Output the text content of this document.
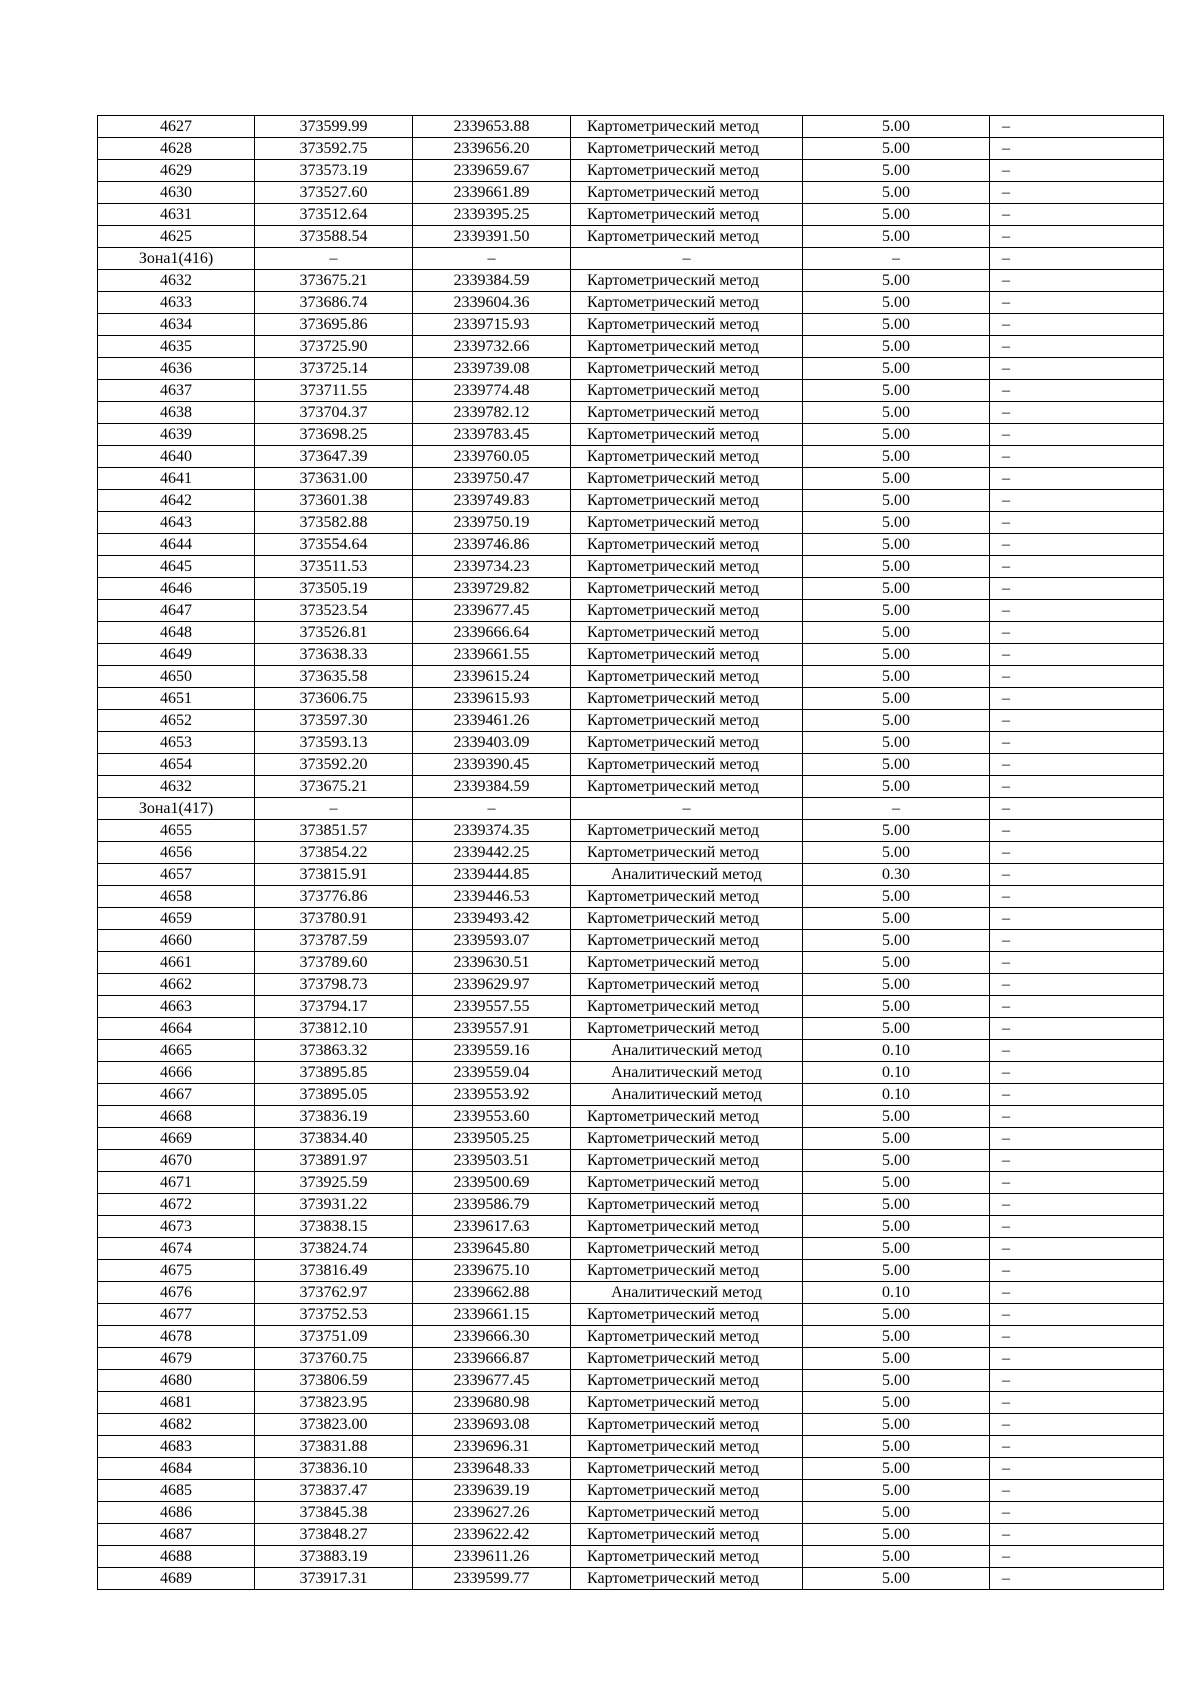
4627	373599.99	2339653.88	Картометрический метод	5.00	–
4628	373592.75	2339656.20	Картометрический метод	5.00	–
4629	373573.19	2339659.67	Картометрический метод	5.00	–
4630	373527.60	2339661.89	Картометрический метод	5.00	–
4631	373512.64	2339395.25	Картометрический метод	5.00	–
4625	373588.54	2339391.50	Картометрический метод	5.00	–
Зона1(416)	–	–	–	–	–
4632	373675.21	2339384.59	Картометрический метод	5.00	–
4633	373686.74	2339604.36	Картометрический метод	5.00	–
4634	373695.86	2339715.93	Картометрический метод	5.00	–
4635	373725.90	2339732.66	Картометрический метод	5.00	–
4636	373725.14	2339739.08	Картометрический метод	5.00	–
4637	373711.55	2339774.48	Картометрический метод	5.00	–
4638	373704.37	2339782.12	Картометрический метод	5.00	–
4639	373698.25	2339783.45	Картометрический метод	5.00	–
4640	373647.39	2339760.05	Картометрический метод	5.00	–
4641	373631.00	2339750.47	Картометрический метод	5.00	–
4642	373601.38	2339749.83	Картометрический метод	5.00	–
4643	373582.88	2339750.19	Картометрический метод	5.00	–
4644	373554.64	2339746.86	Картометрический метод	5.00	–
4645	373511.53	2339734.23	Картометрический метод	5.00	–
4646	373505.19	2339729.82	Картометрический метод	5.00	–
4647	373523.54	2339677.45	Картометрический метод	5.00	–
4648	373526.81	2339666.64	Картометрический метод	5.00	–
4649	373638.33	2339661.55	Картометрический метод	5.00	–
4650	373635.58	2339615.24	Картометрический метод	5.00	–
4651	373606.75	2339615.93	Картометрический метод	5.00	–
4652	373597.30	2339461.26	Картометрический метод	5.00	–
4653	373593.13	2339403.09	Картометрический метод	5.00	–
4654	373592.20	2339390.45	Картометрический метод	5.00	–
4632	373675.21	2339384.59	Картометрический метод	5.00	–
Зона1(417)	–	–	–	–	–
4655	373851.57	2339374.35	Картометрический метод	5.00	–
4656	373854.22	2339442.25	Картометрический метод	5.00	–
4657	373815.91	2339444.85	Аналитический метод	0.30	–
4658	373776.86	2339446.53	Картометрический метод	5.00	–
4659	373780.91	2339493.42	Картометрический метод	5.00	–
4660	373787.59	2339593.07	Картометрический метод	5.00	–
4661	373789.60	2339630.51	Картометрический метод	5.00	–
4662	373798.73	2339629.97	Картометрический метод	5.00	–
4663	373794.17	2339557.55	Картометрический метод	5.00	–
4664	373812.10	2339557.91	Картометрический метод	5.00	–
4665	373863.32	2339559.16	Аналитический метод	0.10	–
4666	373895.85	2339559.04	Аналитический метод	0.10	–
4667	373895.05	2339553.92	Аналитический метод	0.10	–
4668	373836.19	2339553.60	Картометрический метод	5.00	–
4669	373834.40	2339505.25	Картометрический метод	5.00	–
4670	373891.97	2339503.51	Картометрический метод	5.00	–
4671	373925.59	2339500.69	Картометрический метод	5.00	–
4672	373931.22	2339586.79	Картометрический метод	5.00	–
4673	373838.15	2339617.63	Картометрический метод	5.00	–
4674	373824.74	2339645.80	Картометрический метод	5.00	–
4675	373816.49	2339675.10	Картометрический метод	5.00	–
4676	373762.97	2339662.88	Аналитический метод	0.10	–
4677	373752.53	2339661.15	Картометрический метод	5.00	–
4678	373751.09	2339666.30	Картометрический метод	5.00	–
4679	373760.75	2339666.87	Картометрический метод	5.00	–
4680	373806.59	2339677.45	Картометрический метод	5.00	–
4681	373823.95	2339680.98	Картометрический метод	5.00	–
4682	373823.00	2339693.08	Картометрический метод	5.00	–
4683	373831.88	2339696.31	Картометрический метод	5.00	–
4684	373836.10	2339648.33	Картометрический метод	5.00	–
4685	373837.47	2339639.19	Картометрический метод	5.00	–
4686	373845.38	2339627.26	Картометрический метод	5.00	–
4687	373848.27	2339622.42	Картометрический метод	5.00	–
4688	373883.19	2339611.26	Картометрический метод	5.00	–
4689	373917.31	2339599.77	Картометрический метод	5.00	–
